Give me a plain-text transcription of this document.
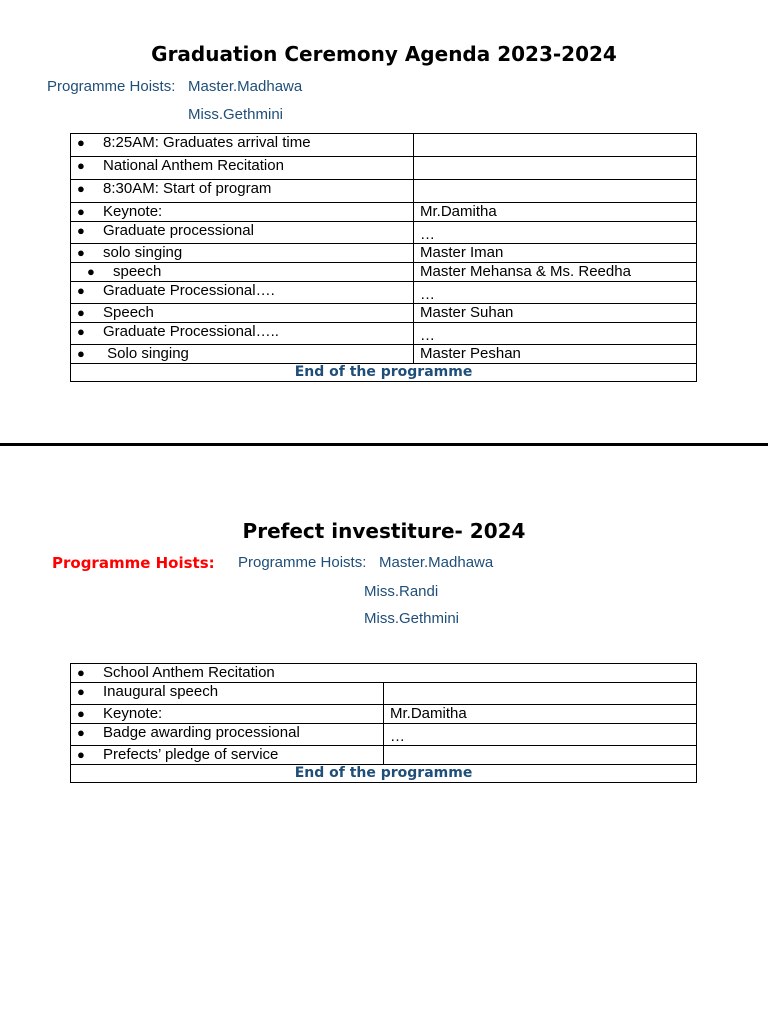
Graduation Ceremony Agenda 2023-2024
Programme Hoists: Master.Madhawa
Miss.Gethmini
● 8:25AM: Graduates arrival time	
● National Anthem Recitation	
● 8:30AM: Start of program	
● Keynote:	Mr.Damitha
● Graduate processional	…
● solo singing	Master Iman
● speech	Master Mehansa & Ms. Reedha
● Graduate Processional….	…
● Speech	Master Suhan
● Graduate Processional…..	…
● Solo singing	Master Peshan
End of the programme	
Prefect investiture- 2024
Programme Hoists: Programme Hoists: Master.Madhawa
Miss.Randi
Miss.Gethmini
● School Anthem Recitation	
● Inaugural speech	
● Keynote:	Mr.Damitha
● Badge awarding processional	…
● Prefects’ pledge of service	
End of the programme	
